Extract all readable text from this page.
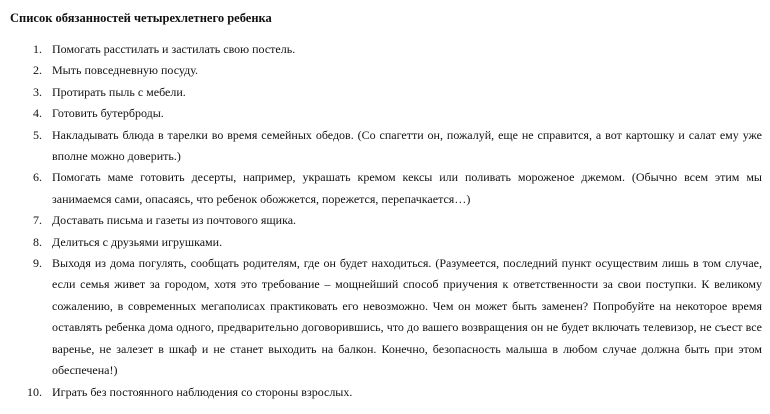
Список обязанностей четырехлетнего ребенка
1. Помогать расстилать и застилать свою постель.
2. Мыть повседневную посуду.
3. Протирать пыль с мебели.
4. Готовить бутерброды.
5. Накладывать блюда в тарелки во время семейных обедов. (Со спагетти он, пожалуй, еще не справится, а вот картошку и салат ему уже вполне можно доверить.)
6. Помогать маме готовить десерты, например, украшать кремом кексы или поливать мороженое джемом. (Обычно всем этим мы занимаемся сами, опасаясь, что ребенок обожжется, порежется, перепачкается…)
7. Доставать письма и газеты из почтового ящика.
8. Делиться с друзьями игрушками.
9. Выходя из дома погулять, сообщать родителям, где он будет находиться. (Разумеется, последний пункт осуществим лишь в том случае, если семья живет за городом, хотя это требование – мощнейший способ приучения к ответственности за свои поступки. К великому сожалению, в современных мегаполисах практиковать его невозможно. Чем он может быть заменен? Попробуйте на некоторое время оставлять ребенка дома одного, предварительно договорившись, что до вашего возвращения он не будет включать телевизор, не съест все варенье, не залезет в шкаф и не станет выходить на балкон. Конечно, безопасность малыша в любом случае должна быть при этом обеспечена!)
10. Играть без постоянного наблюдения со стороны взрослых.
